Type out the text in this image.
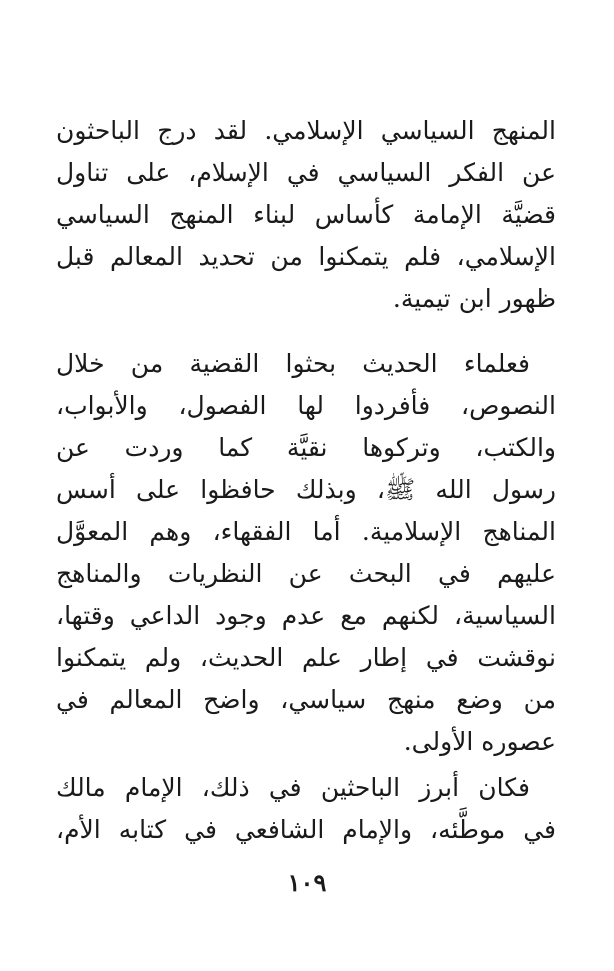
المنهج السياسي الإسلامي. لقد درج الباحثون
عن الفكر السياسي في الإسلام، على تناول
قضيَّة الإمامة كأساس لبناء المنهج السياسي
الإسلامي، فلم يتمكنوا من تحديد المعالم قبل
ظهور ابن تيمية.
فعلماء الحديث بحثوا القضية من خلال
النصوص، فأفردوا لها الفصول، والأبواب،
والكتب، وتركوها نقيَّة كما وردت عن
رسول الله ﷺ، وبذلك حافظوا على أسس
المناهج الإسلامية. أما الفقهاء، وهم المعوَّل
عليهم في البحث عن النظريات والمناهج
السياسية، لكنهم مع عدم وجود الداعي وقتها،
نوقشت في إطار علم الحديث، ولم يتمكنوا
من وضع منهج سياسي، واضح المعالم في
عصوره الأولى.
فكان أبرز الباحثين في ذلك، الإمام مالك
في موطَّئه، والإمام الشافعي في كتابه الأم،
١٠٩
